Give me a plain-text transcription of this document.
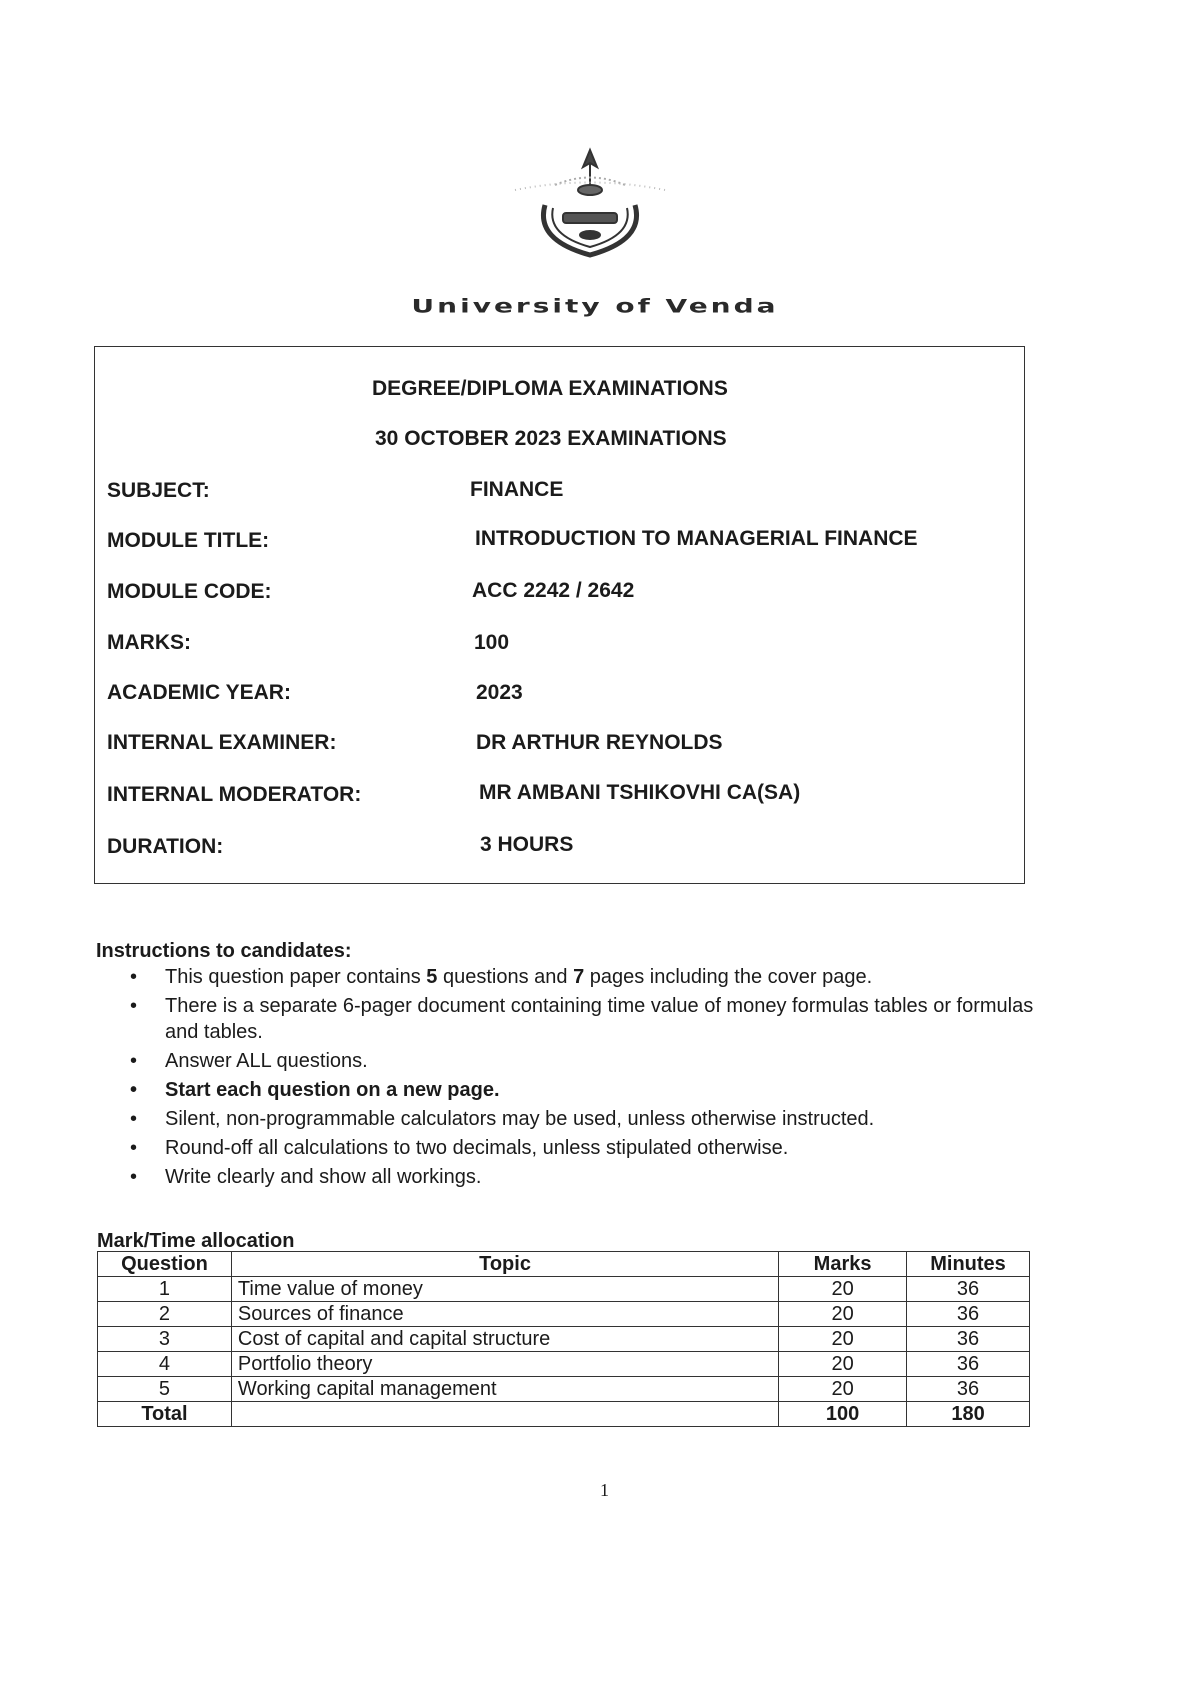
University of Venda
DEGREE/DIPLOMA EXAMINATIONS
30 OCTOBER 2023 EXAMINATIONS
SUBJECT:	FINANCE
MODULE TITLE:	INTRODUCTION TO MANAGERIAL FINANCE
MODULE CODE:	ACC 2242 / 2642
MARKS:	100
ACADEMIC YEAR:	2023
INTERNAL EXAMINER:	DR ARTHUR REYNOLDS
INTERNAL MODERATOR:	MR AMBANI TSHIKOVHI CA(SA)
DURATION:	3 HOURS
Instructions to candidates:
• This question paper contains 5 questions and 7 pages including the cover page.
• There is a separate 6-pager document containing time value of money formulas tables or formulas and tables.
• Answer ALL questions.
• Start each question on a new page.
• Silent, non-programmable calculators may be used, unless otherwise instructed.
• Round-off all calculations to two decimals, unless stipulated otherwise.
• Write clearly and show all workings.
Mark/Time allocation
Question	Topic	Marks	Minutes
1	Time value of money	20	36
2	Sources of finance	20	36
3	Cost of capital and capital structure	20	36
4	Portfolio theory	20	36
5	Working capital management	20	36
Total		100	180
1
